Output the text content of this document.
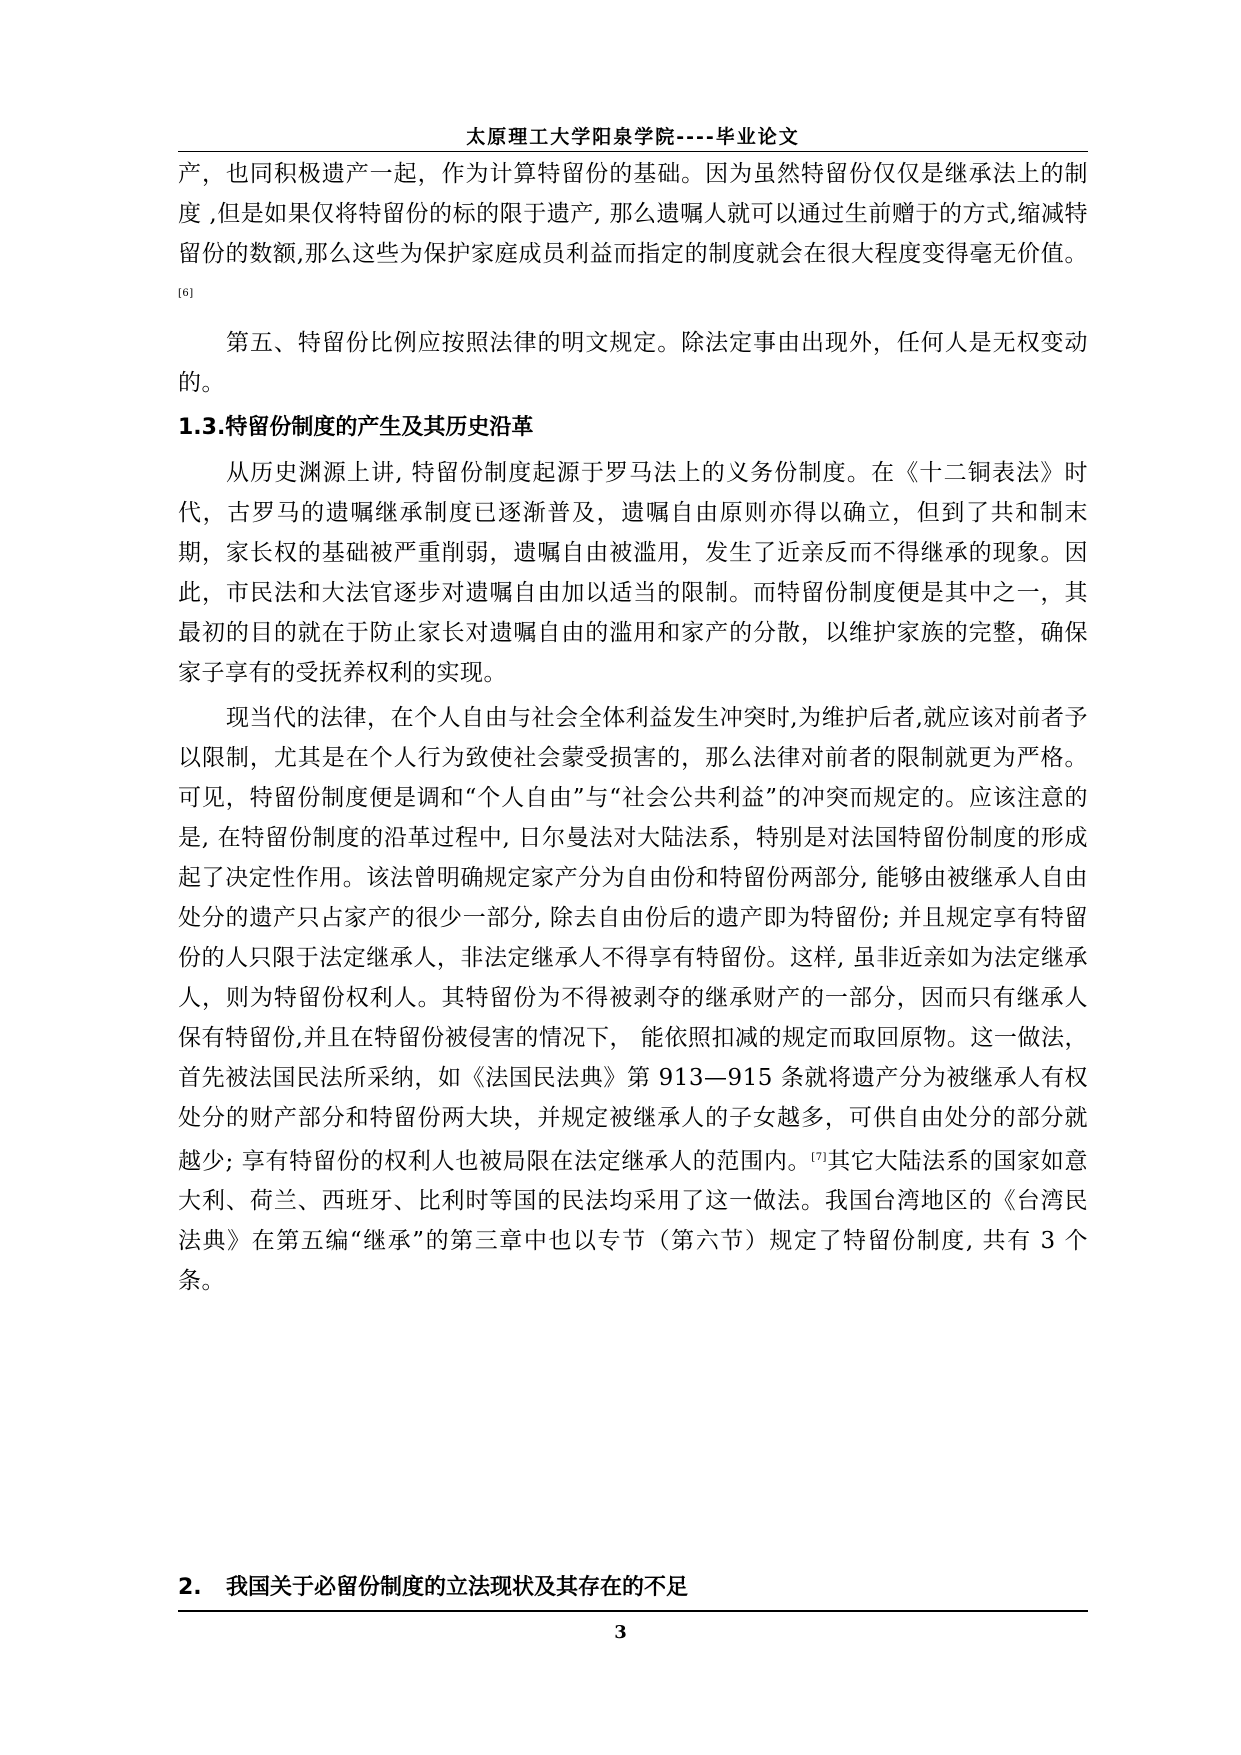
太原理工大学阳泉学院----毕业论文

产，也同积极遗产一起，作为计算特留份的基础。因为虽然特留份仅仅是继承法上的制度 ,但是如果仅将特留份的标的限于遗产, 那么遗嘱人就可以通过生前赠于的方式,缩减特留份的数额,那么这些为保护家庭成员利益而指定的制度就会在很大程度变得毫无价值。[6]

第五、特留份比例应按照法律的明文规定。除法定事由出现外，任何人是无权变动的。

1.3.特留份制度的产生及其历史沿革

从历史渊源上讲, 特留份制度起源于罗马法上的义务份制度。在《十二铜表法》时代，古罗马的遗嘱继承制度已逐渐普及，遗嘱自由原则亦得以确立，但到了共和制末期，家长权的基础被严重削弱，遗嘱自由被滥用，发生了近亲反而不得继承的现象。因此，市民法和大法官逐步对遗嘱自由加以适当的限制。而特留份制度便是其中之一，其最初的目的就在于防止家长对遗嘱自由的滥用和家产的分散，以维护家族的完整，确保家子享有的受抚养权利的实现。

现当代的法律，在个人自由与社会全体利益发生冲突时,为维护后者,就应该对前者予以限制，尤其是在个人行为致使社会蒙受损害的，那么法律对前者的限制就更为严格。可见，特留份制度便是调和“个人自由”与“社会公共利益”的冲突而规定的。应该注意的是, 在特留份制度的沿革过程中, 日尔曼法对大陆法系，特别是对法国特留份制度的形成起了决定性作用。该法曾明确规定家产分为自由份和特留份两部分, 能够由被继承人自由处分的遗产只占家产的很少一部分, 除去自由份后的遗产即为特留份; 并且规定享有特留份的人只限于法定继承人，非法定继承人不得享有特留份。这样, 虽非近亲如为法定继承人，则为特留份权利人。其特留份为不得被剥夺的继承财产的一部分，因而只有继承人保有特留份,并且在特留份被侵害的情况下， 能依照扣减的规定而取回原物。这一做法，首先被法国民法所采纳，如《法国民法典》第 913—915 条就将遗产分为被继承人有权处分的财产部分和特留份两大块，并规定被继承人的子女越多，可供自由处分的部分就越少; 享有特留份的权利人也被局限在法定继承人的范围内。[7]其它大陆法系的国家如意大利、荷兰、西班牙、比利时等国的民法均采用了这一做法。我国台湾地区的《台湾民法典》在第五编“继承”的第三章中也以专节（第六节）规定了特留份制度, 共有 3 个条。

2. 我国关于必留份制度的立法现状及其存在的不足
3
